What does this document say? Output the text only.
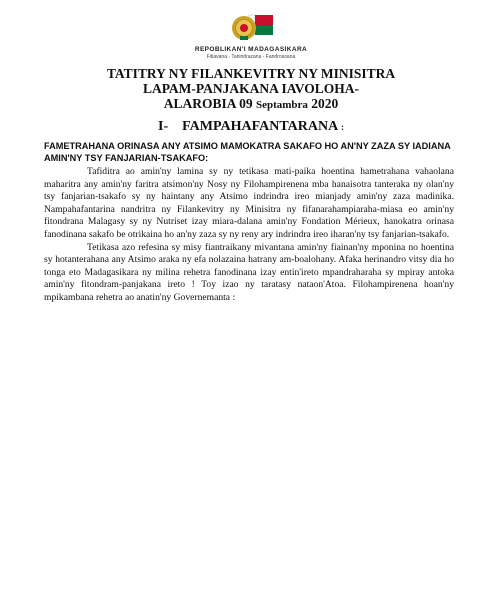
REPOBLIKAN'I MADAGASIKARA
Fitiavana - Tanindrazana - Fandrosoana
TATITRY NY FILANKEVITRY NY MINISITRA
LAPAM-PANJAKANA IAVOLOHA-
ALAROBIA 09 Septambra 2020
I- FAMPAHAFANTARANA :
FAMETRAHANA ORINASA ANY ATSIMO MAMOKATRA SAKAFO HO AN'NY ZAZA SY IADIANA AMIN'NY TSY FANJARIAN-TSAKAFO:

Tafiditra ao amin'ny lamina sy ny tetikasa mati-paika hoentina hametrahana vahaolana maharitra any amin'ny faritra atsimon'ny Nosy ny Filohampirenena mba hanaisotra tanteraka ny olan'ny tsy fanjarian-tsakafo sy ny haintany any Atsimo indrindra ireo mianjady amin'ny zaza madinika. Nampahafantarina nandritra ny Filankevitry ny Minisitra ny fifanarahampiaraha-miasa eo amin'ny fitondrana Malagasy sy ny Nutriset izay miara-dalana amin'ny Fondation Mérieux, hanokatra orinasa fanodinana sakafo be otrikaina ho an'ny zaza sy ny reny ary indrindra ireo iharan'ny tsy fanjarian-tsakafo.

Tetikasa azo refesina sy misy fiantraikany mivantana amin'ny fiainan'ny mponina no hoentina sy hotanterahana any Atsimo araka ny efa nolazaina hatrany am-boalohany. Afaka herinandro vitsy dia ho tonga eto Madagasikara ny milina rehetra fanodinana izay entin'ireto mpandraharaha sy mpiray antoka amin'ny fitondram-panjakana ireto ! Toy izao ny taratasy nataon'Atoa. Filohampirenena hoan'ny mpikambana rehetra ao anatin'ny Governemanta :
